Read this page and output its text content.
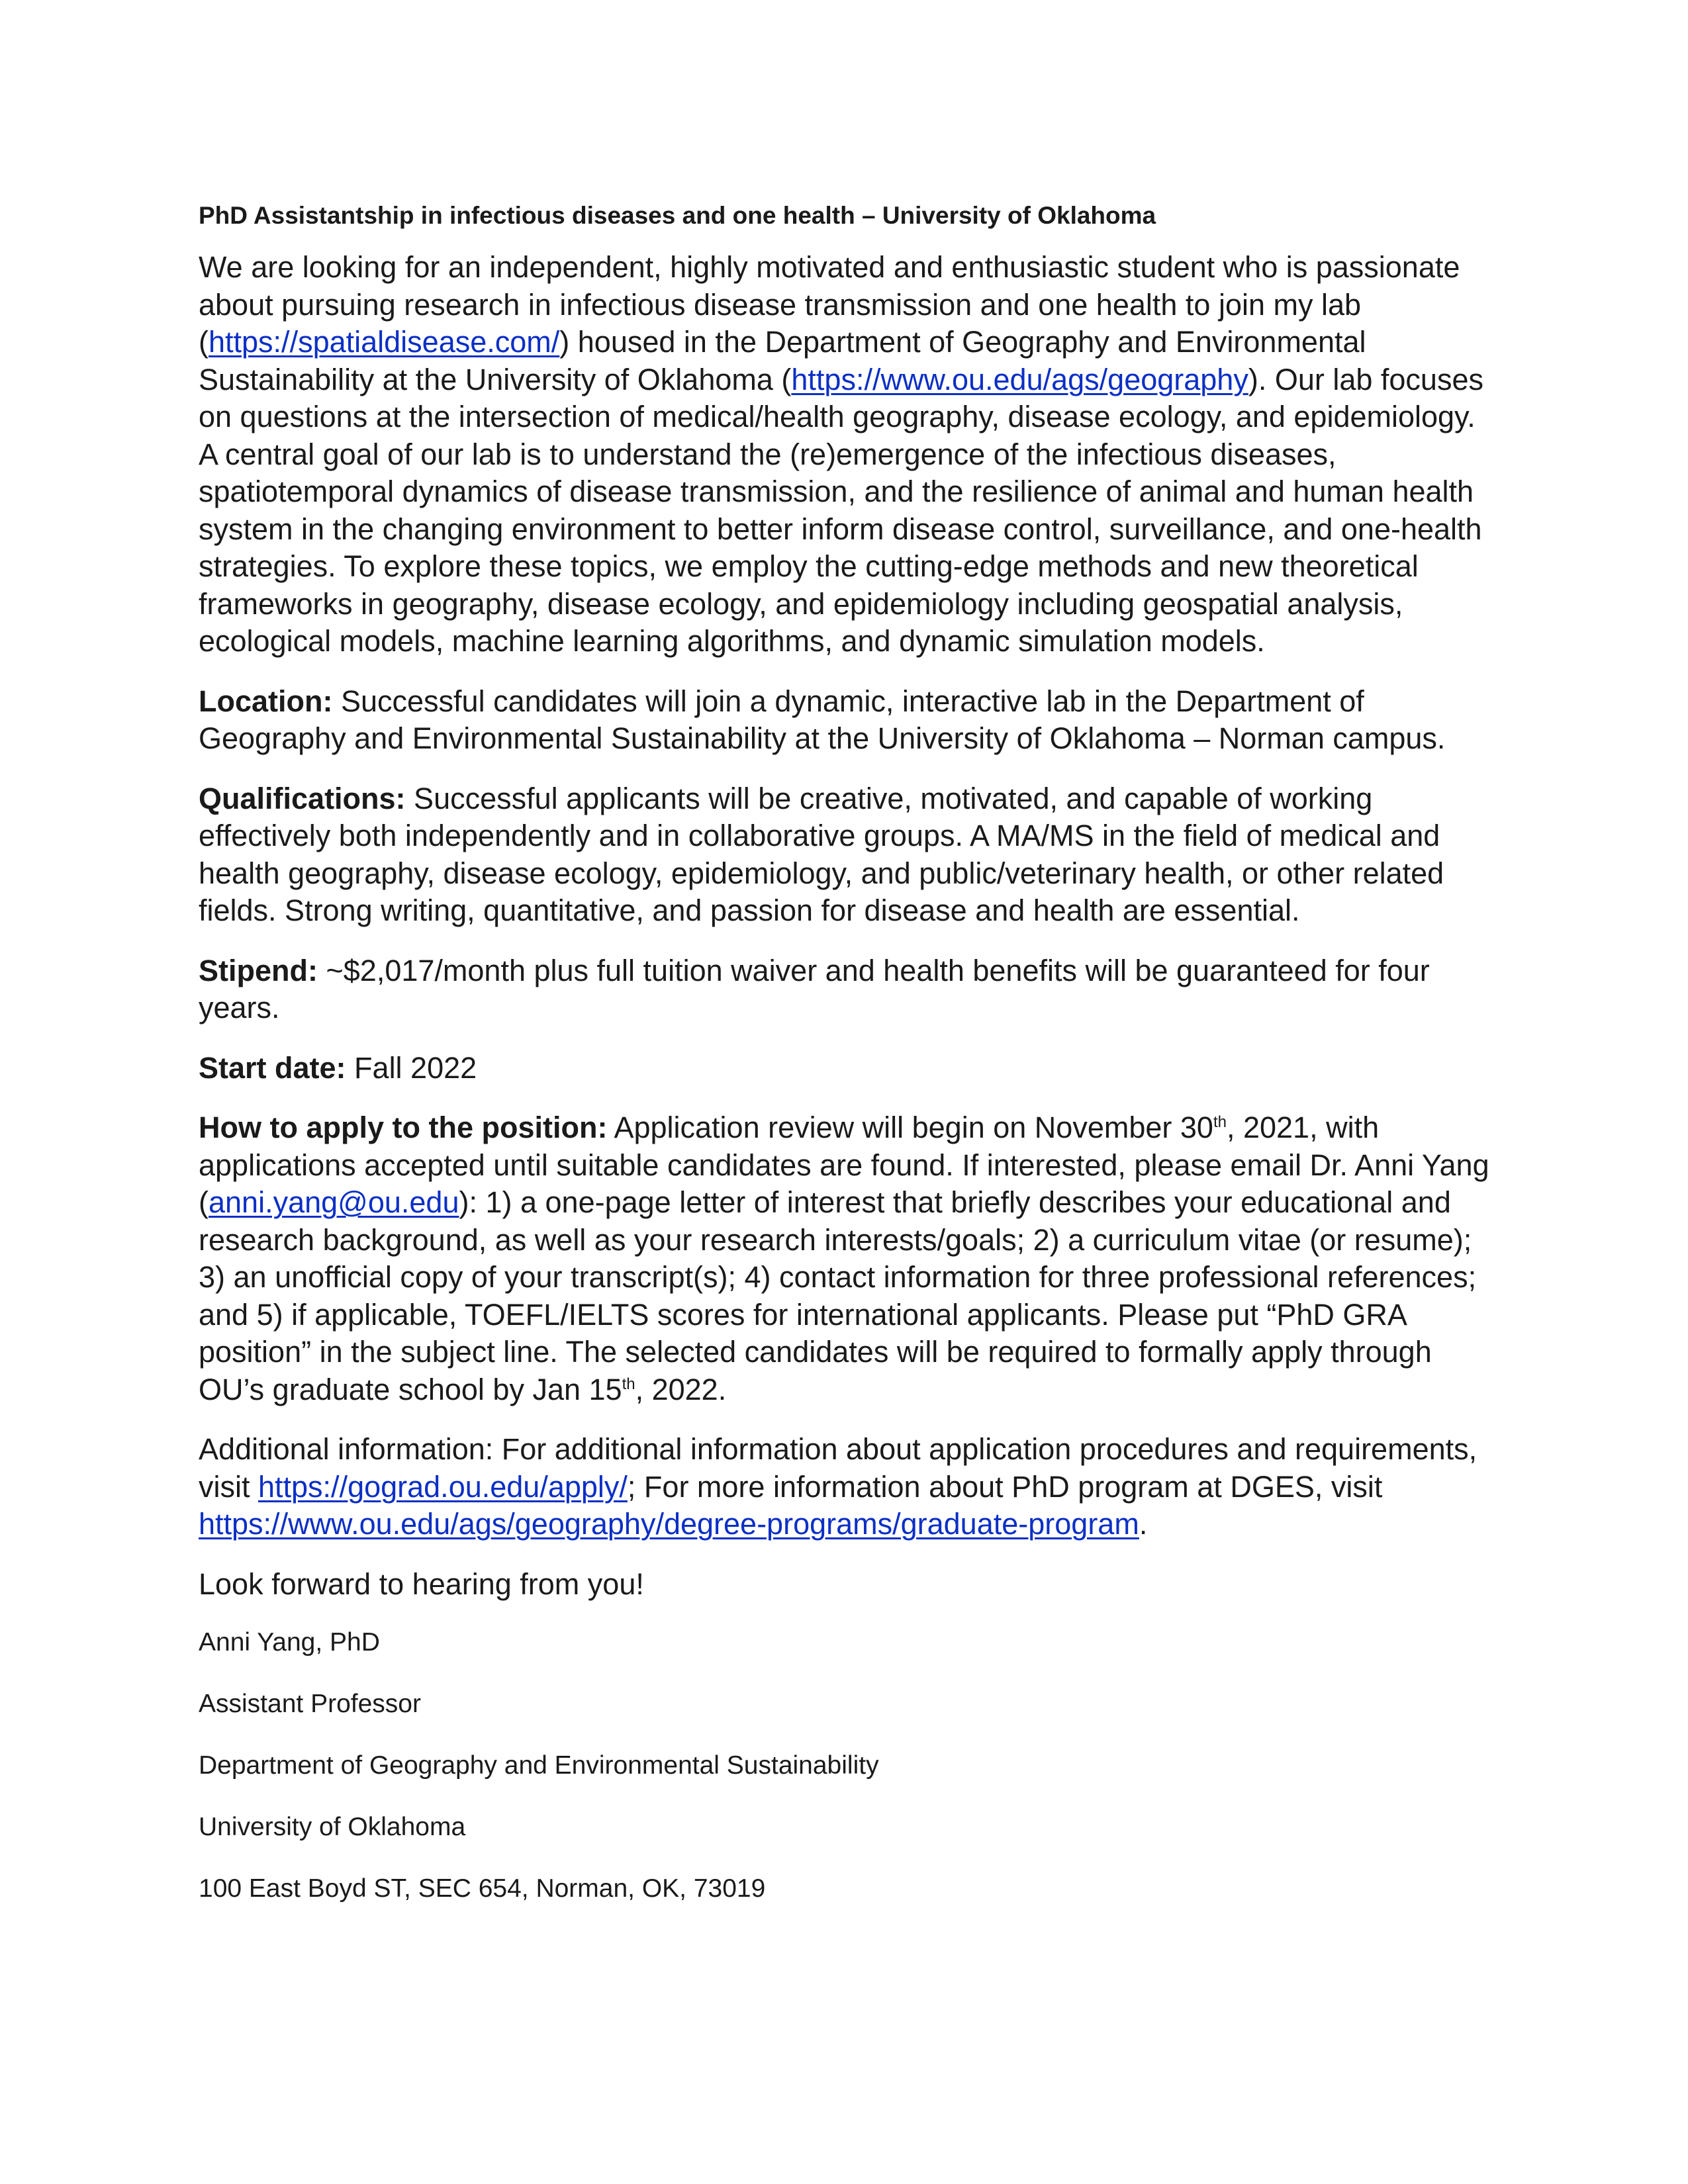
PhD Assistantship in infectious diseases and one health – University of Oklahoma

We are looking for an independent, highly motivated and enthusiastic student who is passionate about pursuing research in infectious disease transmission and one health to join my lab (https://spatialdisease.com/) housed in the Department of Geography and Environmental Sustainability at the University of Oklahoma (https://www.ou.edu/ags/geography). Our lab focuses on questions at the intersection of medical/health geography, disease ecology, and epidemiology. A central goal of our lab is to understand the (re)emergence of the infectious diseases, spatiotemporal dynamics of disease transmission, and the resilience of animal and human health system in the changing environment to better inform disease control, surveillance, and one-health strategies. To explore these topics, we employ the cutting-edge methods and new theoretical frameworks in geography, disease ecology, and epidemiology including geospatial analysis, ecological models, machine learning algorithms, and dynamic simulation models.

Location: Successful candidates will join a dynamic, interactive lab in the Department of Geography and Environmental Sustainability at the University of Oklahoma – Norman campus.

Qualifications: Successful applicants will be creative, motivated, and capable of working effectively both independently and in collaborative groups. A MA/MS in the field of medical and health geography, disease ecology, epidemiology, and public/veterinary health, or other related fields. Strong writing, quantitative, and passion for disease and health are essential.

Stipend: ~$2,017/month plus full tuition waiver and health benefits will be guaranteed for four years.

Start date: Fall 2022

How to apply to the position: Application review will begin on November 30th, 2021, with applications accepted until suitable candidates are found. If interested, please email Dr. Anni Yang (anni.yang@ou.edu): 1) a one-page letter of interest that briefly describes your educational and research background, as well as your research interests/goals; 2) a curriculum vitae (or resume); 3) an unofficial copy of your transcript(s); 4) contact information for three professional references; and 5) if applicable, TOEFL/IELTS scores for international applicants. Please put “PhD GRA position” in the subject line. The selected candidates will be required to formally apply through OU’s graduate school by Jan 15th, 2022.

Additional information: For additional information about application procedures and requirements, visit https://gograd.ou.edu/apply/; For more information about PhD program at DGES, visit https://www.ou.edu/ags/geography/degree-programs/graduate-program.

Look forward to hearing from you!

Anni Yang, PhD

Assistant Professor

Department of Geography and Environmental Sustainability

University of Oklahoma

100 East Boyd ST, SEC 654, Norman, OK, 73019
